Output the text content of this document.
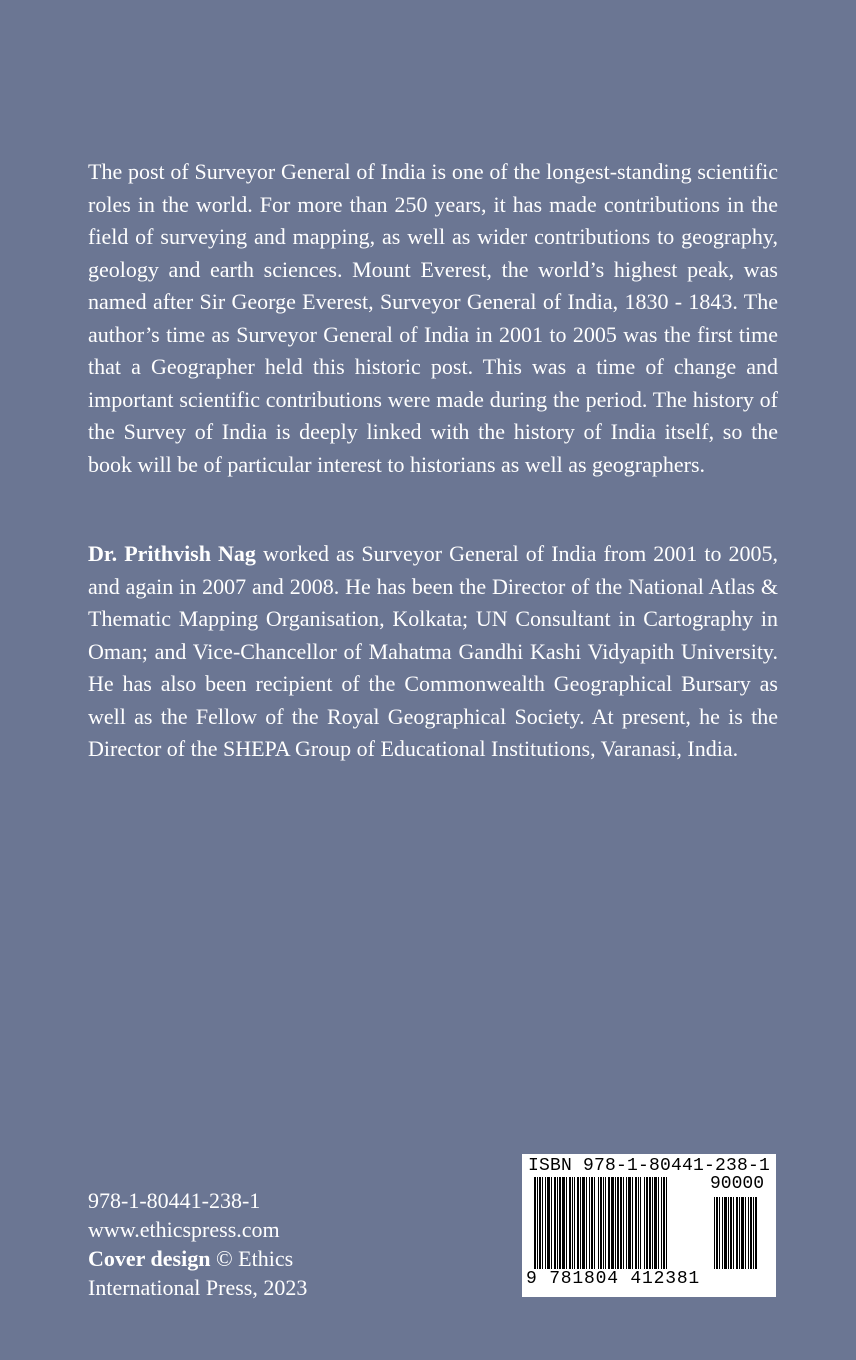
The post of Surveyor General of India is one of the longest-standing scientific roles in the world. For more than 250 years, it has made contributions in the field of surveying and mapping, as well as wider contributions to geography, geology and earth sciences. Mount Everest, the world’s highest peak, was named after Sir George Everest, Surveyor General of India, 1830 - 1843. The author’s time as Surveyor General of India in 2001 to 2005 was the first time that a Geographer held this historic post. This was a time of change and important scientific contributions were made during the period. The history of the Survey of India is deeply linked with the history of India itself, so the book will be of particular interest to historians as well as geographers.
Dr. Prithvish Nag worked as Surveyor General of India from 2001 to 2005, and again in 2007 and 2008. He has been the Director of the National Atlas & Thematic Mapping Organisation, Kolkata; UN Consultant in Cartography in Oman; and Vice-Chancellor of Mahatma Gandhi Kashi Vidyapith University. He has also been recipient of the Commonwealth Geographical Bursary as well as the Fellow of the Royal Geographical Society. At present, he is the Director of the SHEPA Group of Educational Institutions, Varanasi, India.
978-1-80441-238-1
www.ethicspress.com
Cover design © Ethics
International Press, 2023
ISBN 978-1-80441-238-1
90000
9 781804 412381
